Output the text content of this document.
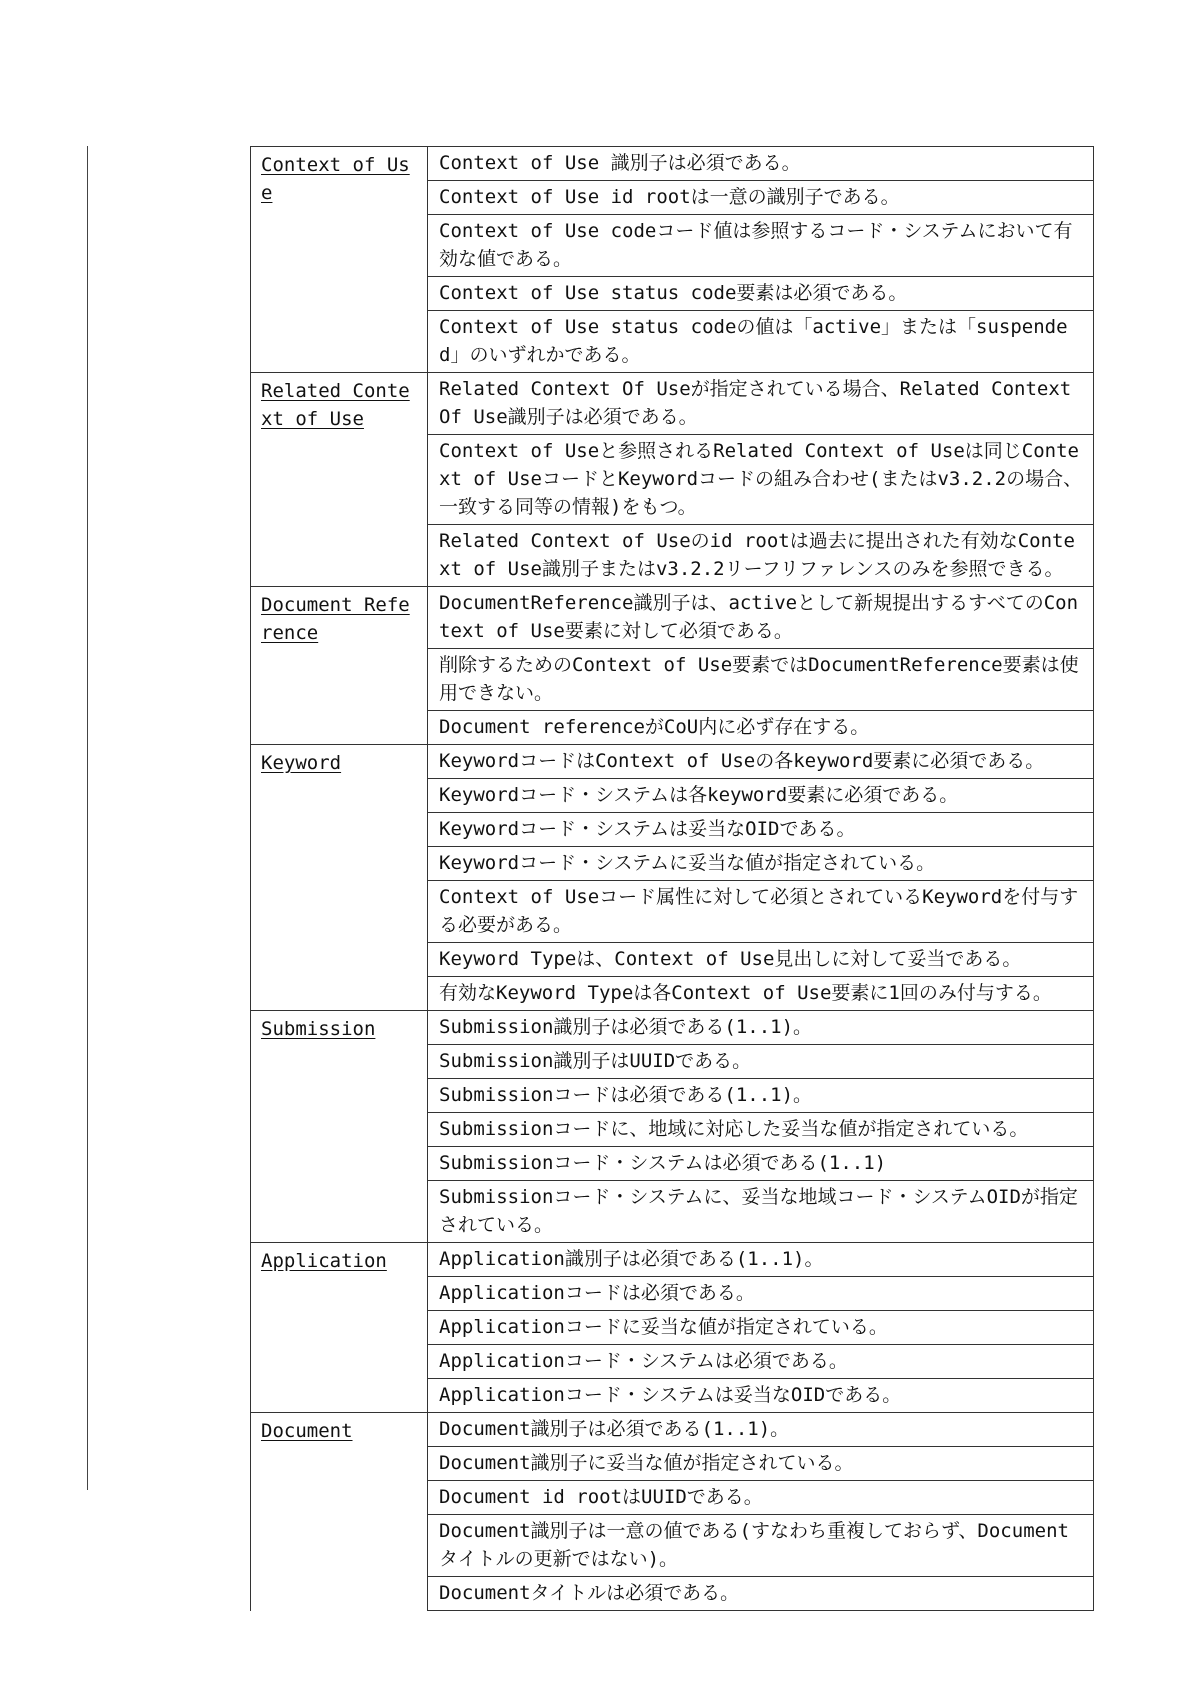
Context of Use	Context of Use 識別子は必須である。
	Context of Use id rootは一意の識別子である。
	Context of Use codeコード値は参照するコード・システムにおいて有効な値である。
	Context of Use status code要素は必須である。
	Context of Use status codeの値は「active」または「suspended」のいずれかである。
Related Context of Use	Related Context Of Useが指定されている場合、Related Context Of Use識別子は必須である。
	Context of Useと参照されるRelated Context of Useは同じContext of UseコードとKeywordコードの組み合わせ(またはv3.2.2の場合、一致する同等の情報)をもつ。
	Related Context of Useのid rootは過去に提出された有効なContext of Use識別子またはv3.2.2リーフリファレンスのみを参照できる。
Document Reference	DocumentReference識別子は、activeとして新規提出するすべてのContext of Use要素に対して必須である。
	削除するためのContext of Use要素ではDocumentReference要素は使用できない。
	Document referenceがCoU内に必ず存在する。
Keyword	KeywordコードはContext of Useの各keyword要素に必須である。
	Keywordコード・システムは各keyword要素に必須である。
	Keywordコード・システムは妥当なOIDである。
	Keywordコード・システムに妥当な値が指定されている。
	Context of Useコード属性に対して必須とされているKeywordを付与する必要がある。
	Keyword Typeは、Context of Use見出しに対して妥当である。
	有効なKeyword Typeは各Context of Use要素に1回のみ付与する。
Submission	Submission識別子は必須である(1..1)。
	Submission識別子はUUIDである。
	Submissionコードは必須である(1..1)。
	Submissionコードに、地域に対応した妥当な値が指定されている。
	Submissionコード・システムは必須である(1..1)
	Submissionコード・システムに、妥当な地域コード・システムOIDが指定されている。
Application	Application識別子は必須である(1..1)。
	Applicationコードは必須である。
	Applicationコードに妥当な値が指定されている。
	Applicationコード・システムは必須である。
	Applicationコード・システムは妥当なOIDである。
Document	Document識別子は必須である(1..1)。
	Document識別子に妥当な値が指定されている。
	Document id rootはUUIDである。
	Document識別子は一意の値である(すなわち重複しておらず、Documentタイトルの更新ではない)。
	Documentタイトルは必須である。
